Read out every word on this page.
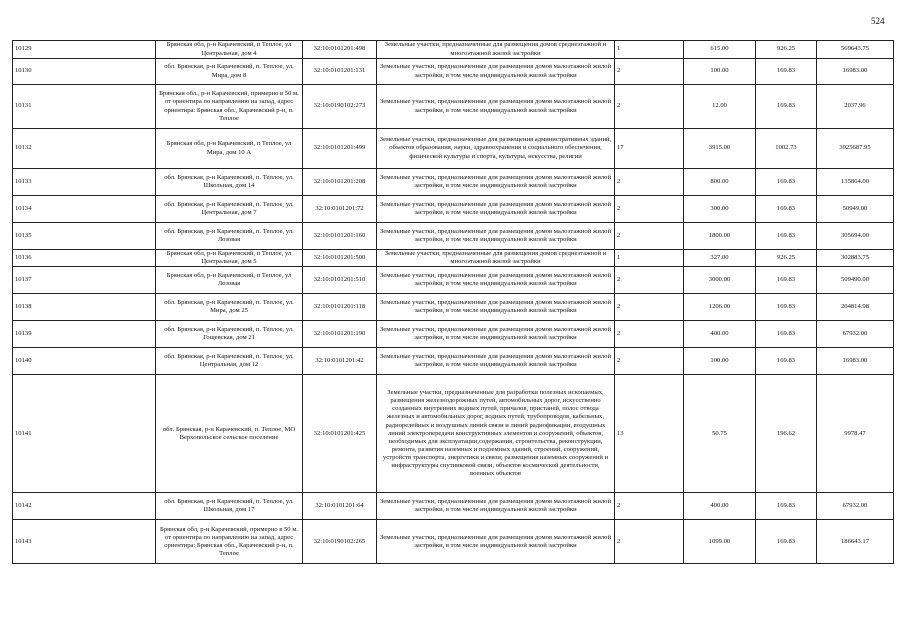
524
10129	Брянская обл, р-н Карачевский, п Теплое, ул Центральная, дом 4	32:10:0101201:498	Земельные участки, предназначенные для размещения домов среднеэтажной и многоэтажной жилой застройки	1	615.00	926.25	569643.75
10130	обл. Брянская, р-н Карачевский, п. Теплое, ул. Мира, дом 8	32:10:0101201:131	Земельные участки, предназначенные для размещения домов малоэтажной жилой застройки, в том числе индивидуальной жилой застройки	2	100.00	169.83	16983.00
10131	Брянская обл., р-н Карачевский, примерно в 50 м. от ориентира по направлению на запад, адрес ориентира: Брянская обл., Карачевский р-н, п. Теплое	32:10:0190102:273	Земельные участки, предназначенные для размещения домов малоэтажной жилой застройки, в том числе индивидуальной жилой застройки	2	12.00	169.83	2037.96
10132	Брянская обл, р-н Карачевский, п Теплое, ул Мира, дом 10 А	32:10:0101201:499	Земельные участки, предназначенные для размещения административных зданий, объектов образования, науки, здравоохранения и социального обеспечения, физической культуры и спорта, культуры, искусства, религии	17	3915.00	1002.73	3925687.95
10133	обл. Брянская, р-н Карачевский, п. Теплое, ул. Школьная, дом 14	32:10:0101201:208	Земельные участки, предназначенные для размещения домов малоэтажной жилой застройки, в том числе индивидуальной жилой застройки	2	800.00	169.83	135864.00
10134	обл. Брянская, р-н Карачевский, п. Теплое, ул. Центральная, дом 7	32:10:0101201:72	Земельные участки, предназначенные для размещения домов малоэтажной жилой застройки, в том числе индивидуальной жилой застройки	2	300.00	169.83	50949.00
10135	обл. Брянская, р-н Карачевский, п. Теплое, ул. Лозовая	32:10:0101201:160	Земельные участки, предназначенные для размещения домов малоэтажной жилой застройки, в том числе индивидуальной жилой застройки	2	1800.00	169.83	305694.00
10136	Брянская обл, р-н Карачевский, п Теплое, ул Центральная, дом 5	32:10:0101201:500	Земельные участки, предназначенные для размещения домов среднеэтажной и многоэтажной жилой застройки	1	327.00	926.25	302883.75
10137	Брянская обл, р-н Карачевский, п Теплое, ул Лозовая	32:10:0101201:510	Земельные участки, предназначенные для размещения домов малоэтажной жилой застройки, в том числе индивидуальной жилой застройки	2	3000.00	169.83	509490.00
10138	обл. Брянская, р-н Карачевский, п. Теплое, ул. Мира, дом 25	32:10:0101201:118	Земельные участки, предназначенные для размещения домов малоэтажной жилой застройки, в том числе индивидуальной жилой застройки	2	1206.00	169.83	204814.98
10139	обл. Брянская, р-н Карачевский, п. Теплое, ул. Гощевская, дом 21	32:10:0101201:190	Земельные участки, предназначенные для размещения домов малоэтажной жилой застройки, в том числе индивидуальной жилой застройки	2	400.00	169.83	67932.00
10140	обл. Брянская, р-н Карачевский, п. Теплое, ул. Центральная, дом 12	32:10:0101201:42	Земельные участки, предназначенные для размещения домов малоэтажной жилой застройки, в том числе индивидуальной жилой застройки	2	100.00	169.83	16983.00
10141	обл. Брянская, р-н Карачевский, п. Теплое, МО Верхопольское сельское поселение	32:10:0101201:425	Земельные участки, предназначенные для разработки полезных ископаемых, размещения железнодорожных путей, автомобильных дорог, искусственно созданных внутренних водных путей, причалов, пристаней, полос отвода железных и автомобильных дорог, водных путей, трубопроводов, кабельных, радиорелейных и воздушных линий связи и линий радиофикации, воздушных линий электропередачи конструктивных элементов и сооружений, объектов, необходимых для эксплуатации,содержания, строительства, реконструкции, ремонта, развития наземных и подземных зданий, строений, сооружений, устройств транспорта, энергетики и связи; размещения наземных сооружений и инфраструктуры спутниковой связи, объектов космической деятельности, военных объектов	13	50.75	196.62	9978.47
10142	обл. Брянская, р-н Карачевский, п. Теплое, ул. Школьная, дом 17	32:10:0101201:64	Земельные участки, предназначенные для размещения домов малоэтажной жилой застройки, в том числе индивидуальной жилой застройки	2	400.00	169.83	67932.00
10143	Брянская обл, р-н Карачевский, примерно в 50 м. от ориентира по направлению на запад, адрес ориентира: Брянская обл., Карачевский р-н, п. Теплое	32:10:0190102:265	Земельные участки, предназначенные для размещения домов малоэтажной жилой застройки, в том числе индивидуальной жилой застройки	2	1099.00	169.83	186643.17
